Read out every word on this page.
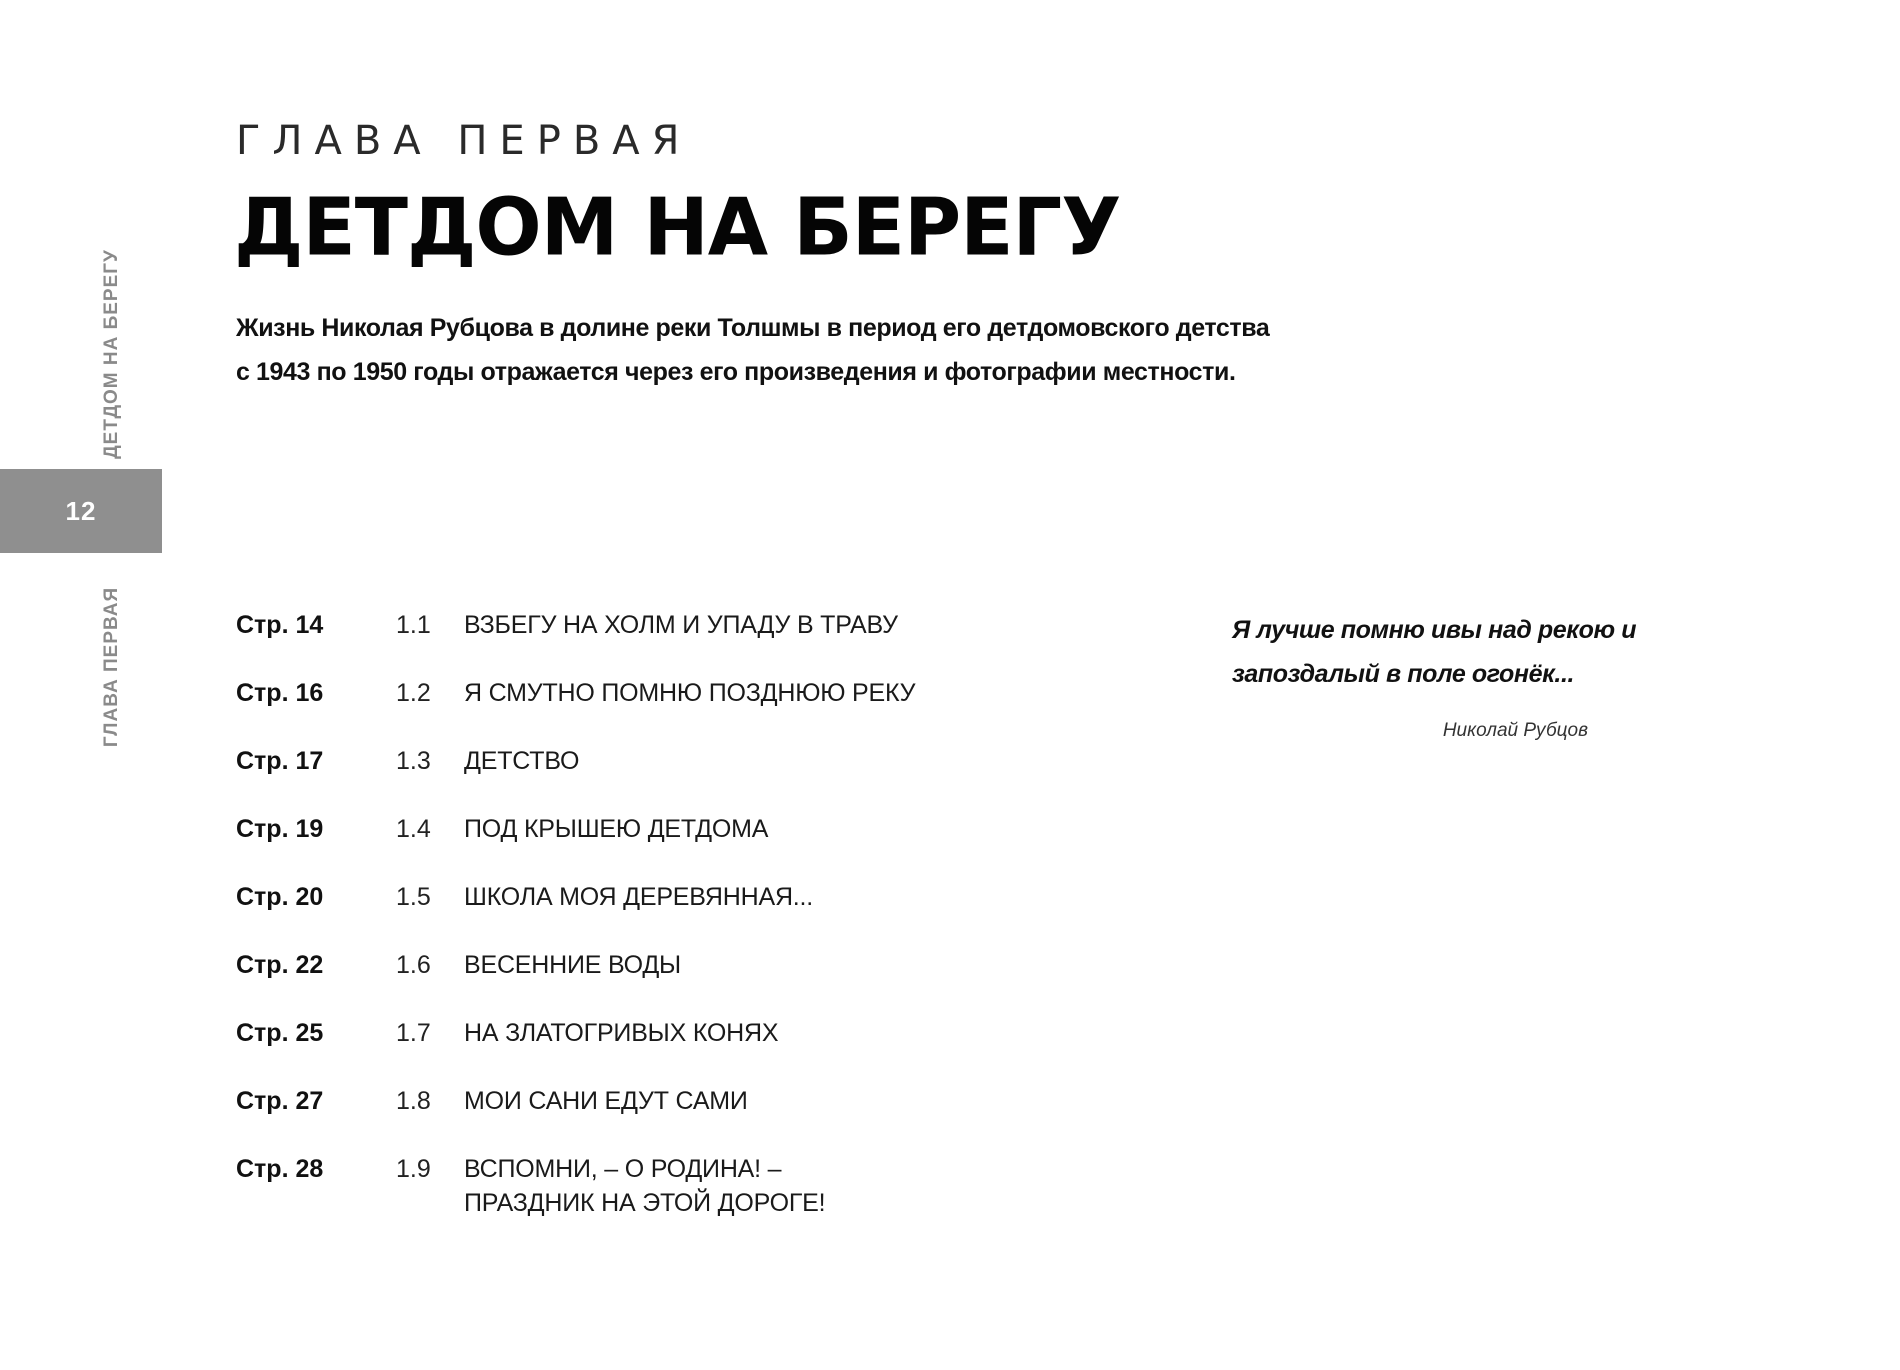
ДЕТДОМ НА БЕРЕГУ
12
ГЛАВА ПЕРВАЯ
ГЛАВА ПЕРВАЯ
ДЕТДОМ НА БЕРЕГУ
Жизнь Николая Рубцова в долине реки Толшмы в период его детдомовского детства
с 1943 по 1950 годы отражается через его произведения и фотографии местности.
Стр. 14	1.1 ВЗБЕГУ НА ХОЛМ И УПАДУ В ТРАВУ
Стр. 16	1.2 Я СМУТНО ПОМНЮ ПОЗДНЮЮ РЕКУ
Стр. 17	1.3 ДЕТСТВО
Стр. 19	1.4 ПОД КРЫШЕЮ ДЕТДОМА
Стр. 20	1.5 ШКОЛА МОЯ ДЕРЕВЯННАЯ...
Стр. 22	1.6 ВЕСЕННИЕ ВОДЫ
Стр. 25	1.7 НА ЗЛАТОГРИВЫХ КОНЯХ
Стр. 27	1.8 МОИ САНИ ЕДУТ САМИ
Стр. 28	1.9 ВСПОМНИ, – О РОДИНА! –
ПРАЗДНИК НА ЭТОЙ ДОРОГЕ!
Я лучше помню ивы над рекою и
запоздалый в поле огонёк...
Николай Рубцов
